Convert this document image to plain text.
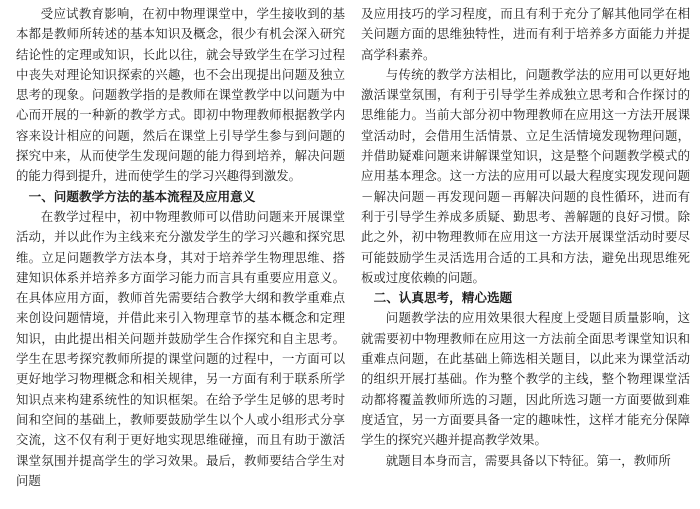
受应试教育影响，在初中物理课堂中，学生接收到的基本都是教师所转述的基本知识及概念，很少有机会深入研究结论性的定理或知识，长此以往，就会导致学生在学习过程中丧失对理论知识探索的兴趣，也不会出现提出问题及独立思考的现象。问题教学指的是教师在课堂教学中以问题为中心而开展的一种新的教学方式。即初中物理教师根据教学内容来设计相应的问题，然后在课堂上引导学生参与到问题的探究中来，从而使学生发现问题的能力得到培养，解决问题的能力得到提升，进而使学生的学习兴趣得到激发。

一、问题教学方法的基本流程及应用意义

在教学过程中，初中物理教师可以借助问题来开展课堂活动，并以此作为主线来充分激发学生的学习兴趣和探究思维。立足问题教学方法本身，其对于培养学生物理思维、搭建知识体系并培养多方面学习能力而言具有重要应用意义。在具体应用方面，教师首先需要结合教学大纲和教学重难点来创设问题情境，并借此来引入物理章节的基本概念和定理知识，由此提出相关问题并鼓励学生合作探究和自主思考。学生在思考探究教师所提的课堂问题的过程中，一方面可以更好地学习物理概念和相关规律，另一方面有利于联系所学知识点来构建系统性的知识框架。在给予学生足够的思考时间和空间的基础上，教师要鼓励学生以个人或小组形式分享交流，这不仅有利于更好地实现思维碰撞，而且有助于激活课堂氛围并提高学生的学习效果。最后，教师要结合学生对问题

及应用技巧的学习程度，而且有利于充分了解其他同学在相关问题方面的思维独特性，进而有利于培养多方面能力并提高学科素养。

与传统的教学方法相比，问题教学法的应用可以更好地激活课堂氛围，有利于引导学生养成独立思考和合作探讨的思维能力。当前大部分初中物理教师在应用这一方法开展课堂活动时，会借用生活情景、立足生活情境发现物理问题，并借助疑难问题来讲解课堂知识，这是整个问题教学模式的应用基本理念。这一方法的应用可以最大程度实现发现问题－解决问题－再发现问题－再解决问题的良性循环，进而有利于引导学生养成多质疑、勤思考、善解题的良好习惯。除此之外，初中物理教师在应用这一方法开展课堂活动时要尽可能鼓励学生灵活选用合适的工具和方法，避免出现思维死板或过度依赖的问题。

二、认真思考，精心选题

问题教学法的应用效果很大程度上受题目质量影响，这就需要初中物理教师在应用这一方法前全面思考课堂知识和重难点问题，在此基础上筛选相关题目，以此来为课堂活动的组织开展打基础。作为整个教学的主线，整个物理课堂活动都将覆盖教师所选的习题，因此所选习题一方面要做到难度适宜，另一方面要具备一定的趣味性，这样才能充分保障学生的探究兴趣并提高教学效果。

就题目本身而言，需要具备以下特征。第一，教师所
